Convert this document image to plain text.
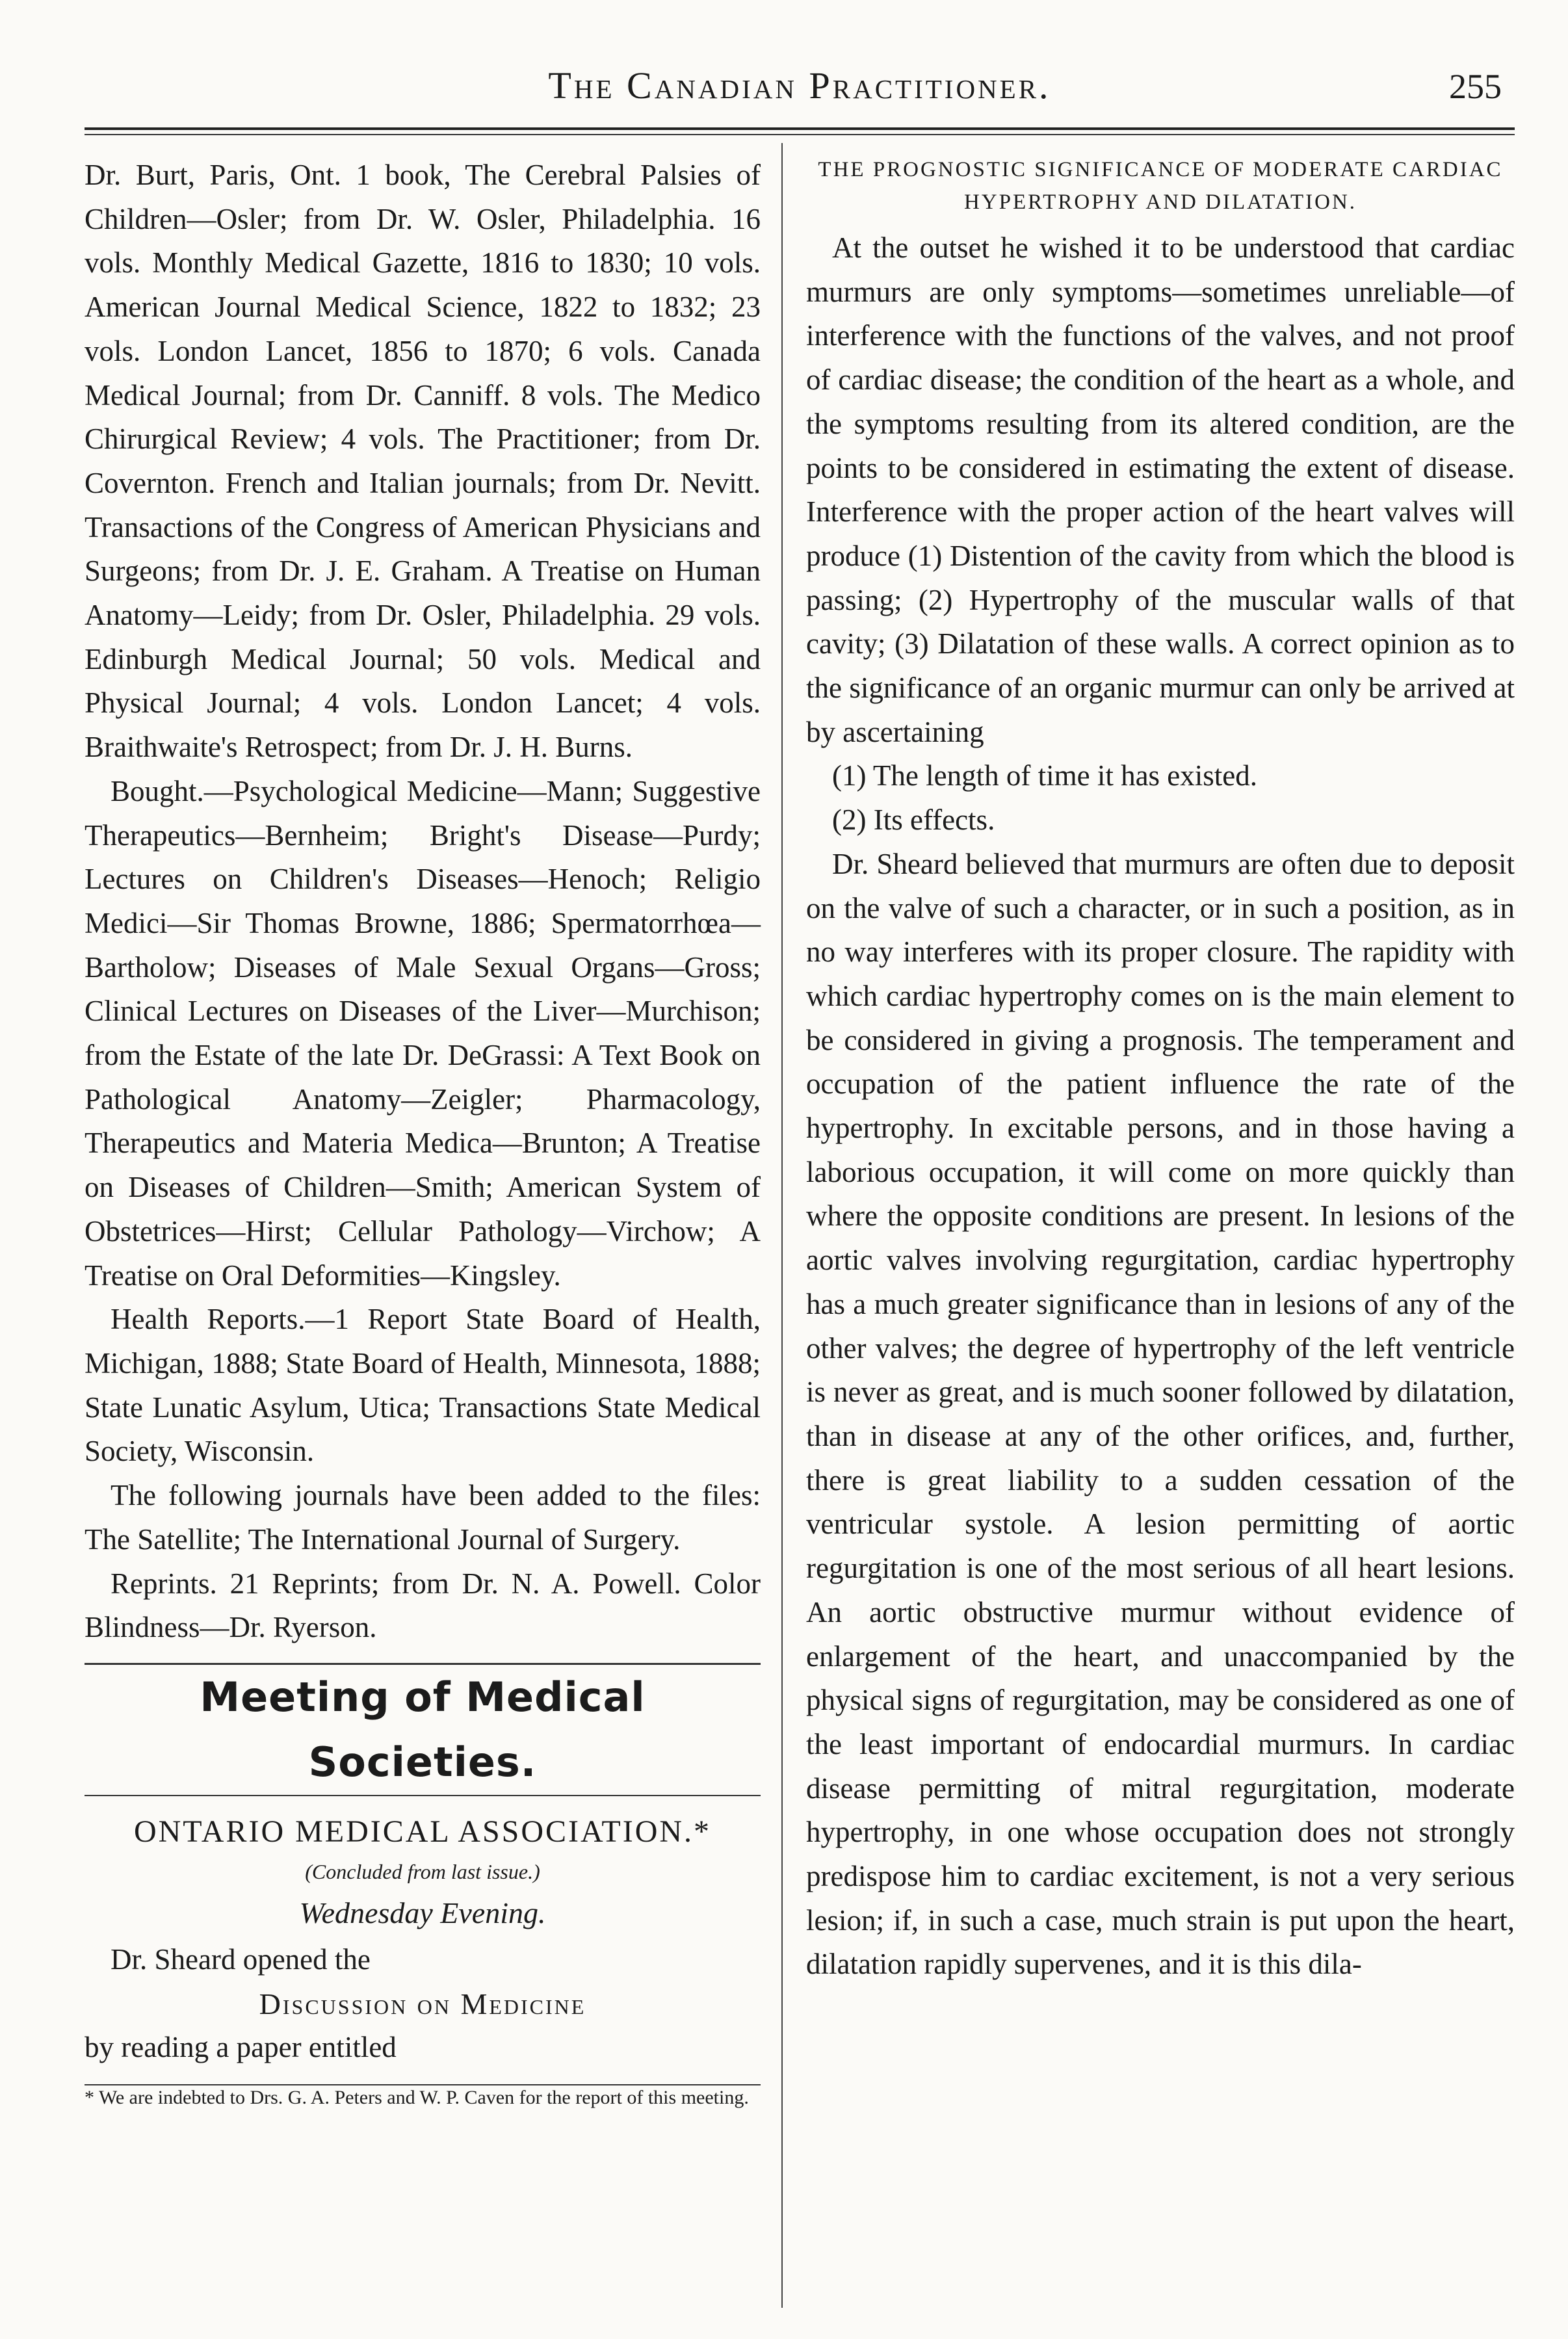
The Canadian Practitioner.	255

Dr. Burt, Paris, Ont. 1 book, The Cerebral Palsies of Children—Osler; from Dr. W. Osler, Philadelphia. 16 vols. Monthly Medical Gazette, 1816 to 1830; 10 vols. American Journal Medical Science, 1822 to 1832; 23 vols. London Lancet, 1856 to 1870; 6 vols. Canada Medical Journal; from Dr. Canniff. 8 vols. The Medico Chirurgical Review; 4 vols. The Practitioner; from Dr. Covernton. French and Italian journals; from Dr. Nevitt. Transactions of the Congress of American Physicians and Surgeons; from Dr. J. E. Graham. A Treatise on Human Anatomy—Leidy; from Dr. Osler, Philadelphia. 29 vols. Edinburgh Medical Journal; 50 vols. Medical and Physical Journal; 4 vols. London Lancet; 4 vols. Braithwaite's Retrospect; from Dr. J. H. Burns.

Bought.—Psychological Medicine—Mann; Suggestive Therapeutics—Bernheim; Bright's Disease—Purdy; Lectures on Children's Diseases—Henoch; Religio Medici—Sir Thomas Browne, 1886; Spermatorrhœa—Bartholow; Diseases of Male Sexual Organs—Gross; Clinical Lectures on Diseases of the Liver—Murchison; from the Estate of the late Dr. DeGrassi: A Text Book on Pathological Anatomy—Zeigler; Pharmacology, Therapeutics and Materia Medica—Brunton; A Treatise on Diseases of Children—Smith; American System of Obstetrices—Hirst; Cellular Pathology—Virchow; A Treatise on Oral Deformities—Kingsley.

Health Reports.—1 Report State Board of Health, Michigan, 1888; State Board of Health, Minnesota, 1888; State Lunatic Asylum, Utica; Transactions State Medical Society, Wisconsin.

The following journals have been added to the files: The Satellite; The International Journal of Surgery.

Reprints. 21 Reprints; from Dr. N. A. Powell. Color Blindness—Dr. Ryerson.

Meeting of Medical Societies.
ONTARIO MEDICAL ASSOCIATION.*
(Concluded from last issue.)
Wednesday Evening.

Dr. Sheard opened the

Discussion on Medicine

by reading a paper entitled

* We are indebted to Drs. G. A. Peters and W. P. Caven for the report of this meeting.

THE PROGNOSTIC SIGNIFICANCE OF MODERATE CARDIAC HYPERTROPHY AND DILATATION.

At the outset he wished it to be understood that cardiac murmurs are only symptoms—sometimes unreliable—of interference with the functions of the valves, and not proof of cardiac disease; the condition of the heart as a whole, and the symptoms resulting from its altered condition, are the points to be considered in estimating the extent of disease. Interference with the proper action of the heart valves will produce (1) Distention of the cavity from which the blood is passing; (2) Hypertrophy of the muscular walls of that cavity; (3) Dilatation of these walls. A correct opinion as to the significance of an organic murmur can only be arrived at by ascertaining

(1) The length of time it has existed.

(2) Its effects.

Dr. Sheard believed that murmurs are often due to deposit on the valve of such a character, or in such a position, as in no way interferes with its proper closure. The rapidity with which cardiac hypertrophy comes on is the main element to be considered in giving a prognosis. The temperament and occupation of the patient influence the rate of the hypertrophy. In excitable persons, and in those having a laborious occupation, it will come on more quickly than where the opposite conditions are present. In lesions of the aortic valves involving regurgitation, cardiac hypertrophy has a much greater significance than in lesions of any of the other valves; the degree of hypertrophy of the left ventricle is never as great, and is much sooner followed by dilatation, than in disease at any of the other orifices, and, further, there is great liability to a sudden cessation of the ventricular systole. A lesion permitting of aortic regurgitation is one of the most serious of all heart lesions. An aortic obstructive murmur without evidence of enlargement of the heart, and unaccompanied by the physical signs of regurgitation, may be considered as one of the least important of endocardial murmurs. In cardiac disease permitting of mitral regurgitation, moderate hypertrophy, in one whose occupation does not strongly predispose him to cardiac excitement, is not a very serious lesion; if, in such a case, much strain is put upon the heart, dilatation rapidly supervenes, and it is this dila-
